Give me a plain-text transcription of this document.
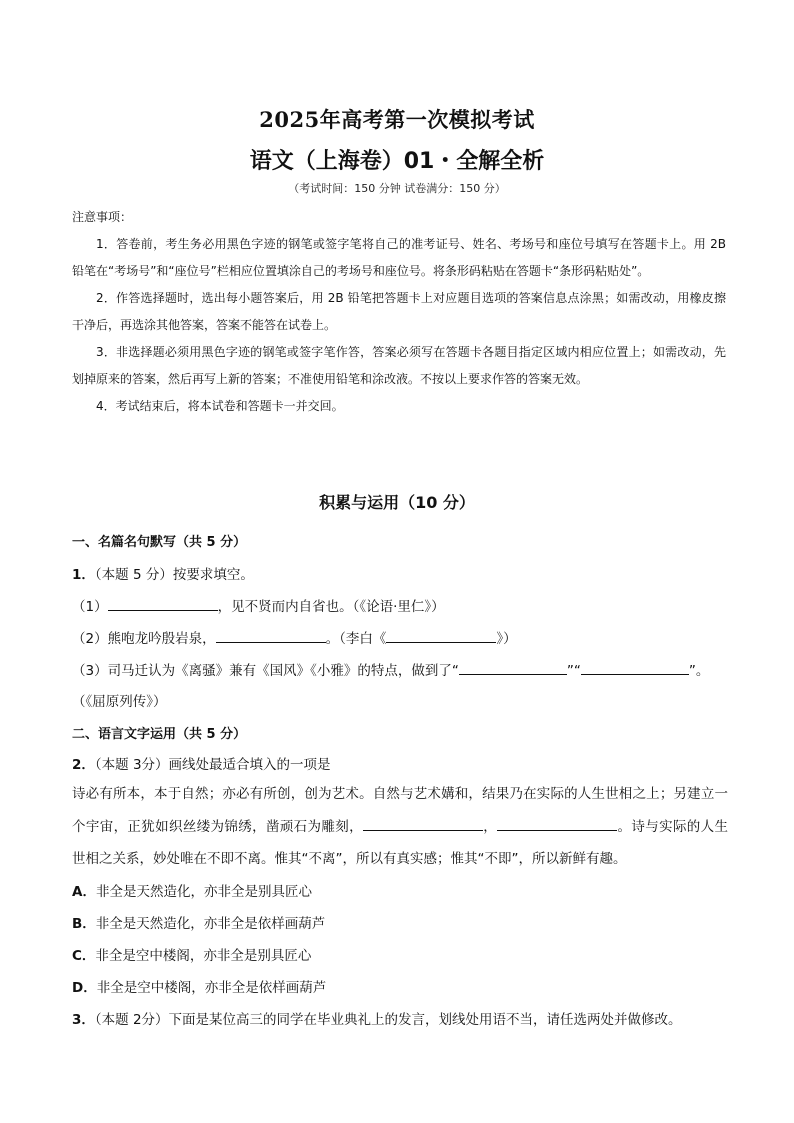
2025年高考第一次模拟考试
语文（上海卷）01・全解全析
（考试时间：150 分钟 试卷满分：150 分）
注意事项：

1．答卷前，考生务必用黑色字迹的钢笔或签字笔将自己的准考证号、姓名、考场号和座位号填写在答题卡上。用 2B 铅笔在“考场号”和“座位号”栏相应位置填涂自己的考场号和座位号。将条形码粘贴在答题卡“条形码粘贴处”。

2．作答选择题时，选出每小题答案后，用 2B 铅笔把答题卡上对应题目选项的答案信息点涂黑；如需改动，用橡皮擦干净后，再选涂其他答案，答案不能答在试卷上。

3．非选择题必须用黑色字迹的钢笔或签字笔作答，答案必须写在答题卡各题目指定区域内相应位置上；如需改动，先划掉原来的答案，然后再写上新的答案；不准使用铅笔和涂改液。不按以上要求作答的答案无效。

4．考试结束后，将本试卷和答题卡一并交回。

积累与运用（10 分）
一、名篇名句默写（共 5 分）
1．（本题 5 分）按要求填空。
（1）	，见不贤而内自省也。（《论语·里仁》）
（2）熊咆龙吟殷岩泉，	。（李白《	》）
（3）司马迁认为《离骚》兼有《国风》《小雅》的特点，做到了“	”“	”。
（《屈原列传》）
二、语言文字运用（共 5 分）
2．（本题 3分）画线处最适合填入的一项是
诗必有所本，本于自然；亦必有所创，创为艺术。自然与艺术媾和，结果乃在实际的人生世相之上；另建立一个宇宙，正犹如织丝缕为锦绣，凿顽石为雕刻，	，	。诗与实际的人生世相之关系，妙处唯在不即不离。惟其“不离”，所以有真实感；惟其“不即”，所以新鲜有趣。
A．非全是天然造化，亦非全是别具匠心
B．非全是天然造化，亦非全是依样画葫芦
C．非全是空中楼阁，亦非全是别具匠心
D．非全是空中楼阁，亦非全是依样画葫芦
3．（本题 2分）下面是某位高三的同学在毕业典礼上的发言，划线处用语不当，请任选两处并做修改。
